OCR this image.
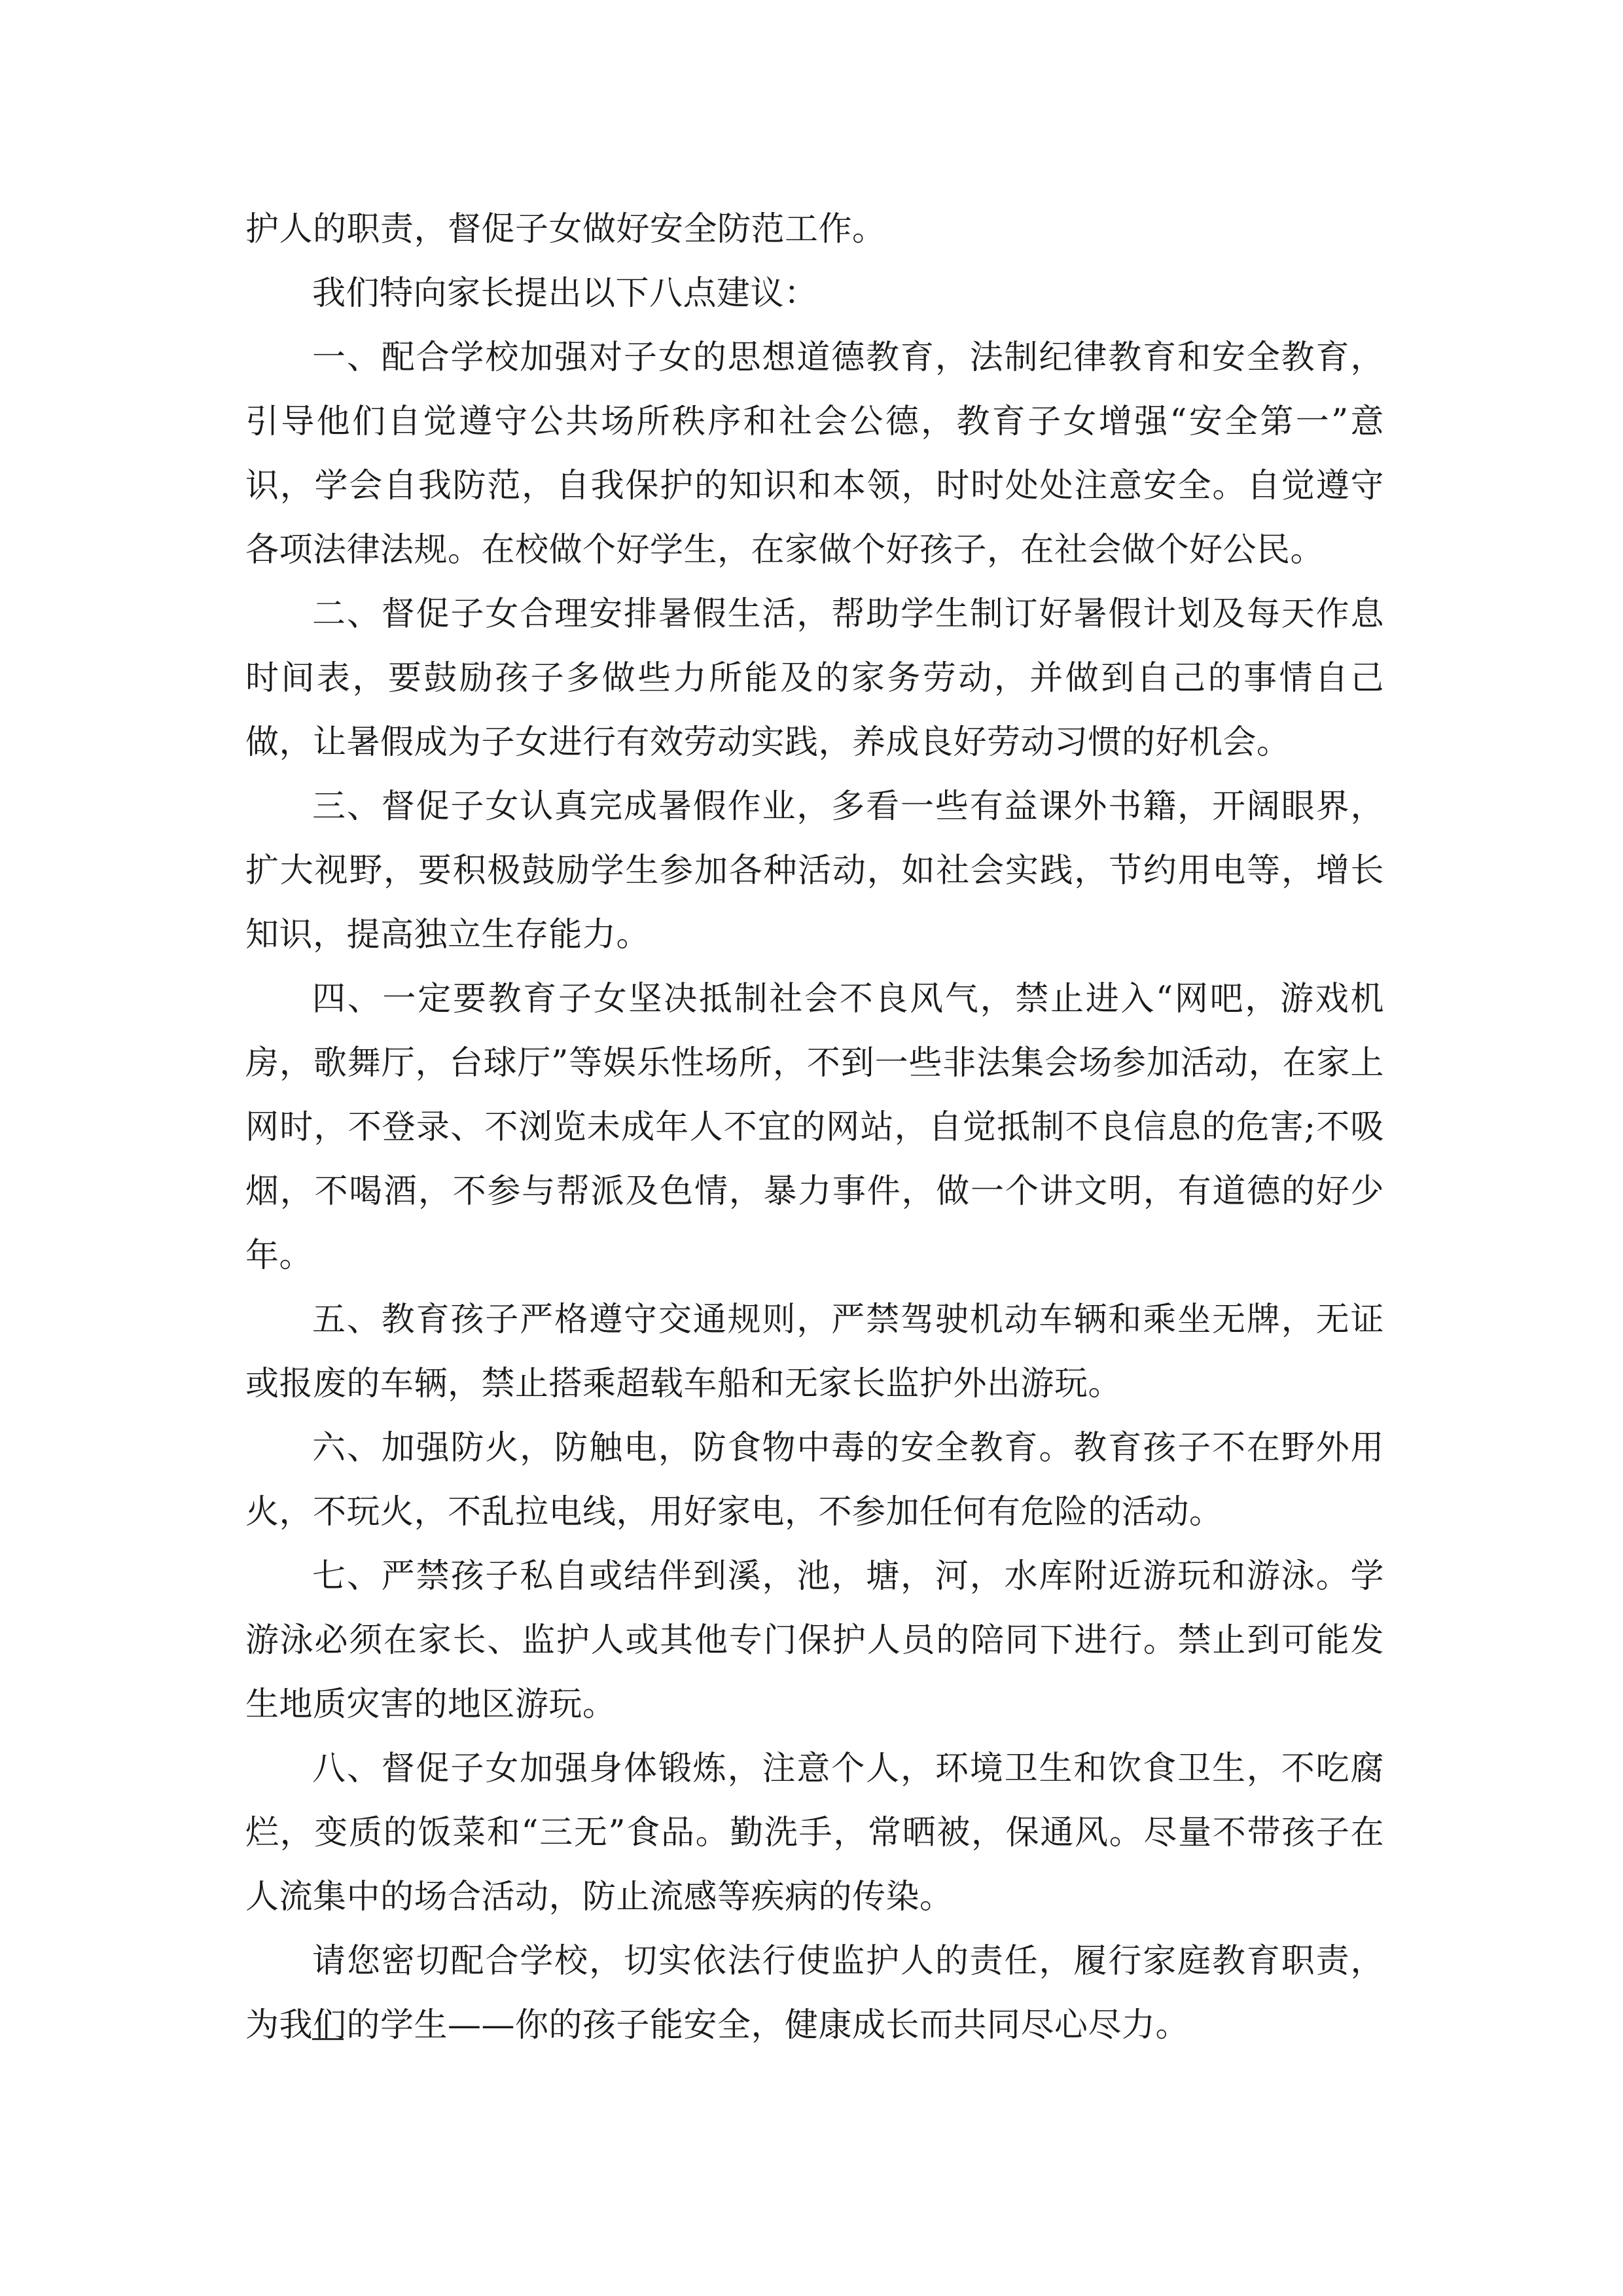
护人的职责，督促子女做好安全防范工作。

我们特向家长提出以下八点建议：

一、配合学校加强对子女的思想道德教育，法制纪律教育和安全教育，引导他们自觉遵守公共场所秩序和社会公德，教育子女增强“安全第一”意识，学会自我防范，自我保护的知识和本领，时时处处注意安全。自觉遵守各项法律法规。在校做个好学生，在家做个好孩子，在社会做个好公民。

二、督促子女合理安排暑假生活，帮助学生制订好暑假计划及每天作息时间表，要鼓励孩子多做些力所能及的家务劳动，并做到自己的事情自己做，让暑假成为子女进行有效劳动实践，养成良好劳动习惯的好机会。

三、督促子女认真完成暑假作业，多看一些有益课外书籍，开阔眼界，扩大视野，要积极鼓励学生参加各种活动，如社会实践，节约用电等，增长知识，提高独立生存能力。

四、一定要教育子女坚决抵制社会不良风气，禁止进入“网吧，游戏机房，歌舞厅，台球厅”等娱乐性场所，不到一些非法集会场参加活动，在家上网时，不登录、不浏览未成年人不宜的网站，自觉抵制不良信息的危害;不吸烟，不喝酒，不参与帮派及色情，暴力事件，做一个讲文明，有道德的好少年。

五、教育孩子严格遵守交通规则，严禁驾驶机动车辆和乘坐无牌，无证或报废的车辆，禁止搭乘超载车船和无家长监护外出游玩。

六、加强防火，防触电，防食物中毒的安全教育。教育孩子不在野外用火，不玩火，不乱拉电线，用好家电，不参加任何有危险的活动。

七、严禁孩子私自或结伴到溪，池，塘，河，水库附近游玩和游泳。学游泳必须在家长、监护人或其他专门保护人员的陪同下进行。禁止到可能发生地质灾害的地区游玩。

八、督促子女加强身体锻炼，注意个人，环境卫生和饮食卫生，不吃腐烂，变质的饭菜和“三无”食品。勤洗手，常晒被，保通风。尽量不带孩子在人流集中的场合活动，防止流感等疾病的传染。

请您密切配合学校，切实依法行使监护人的责任，履行家庭教育职责，为我们的学生——你的孩子能安全，健康成长而共同尽心尽力。
